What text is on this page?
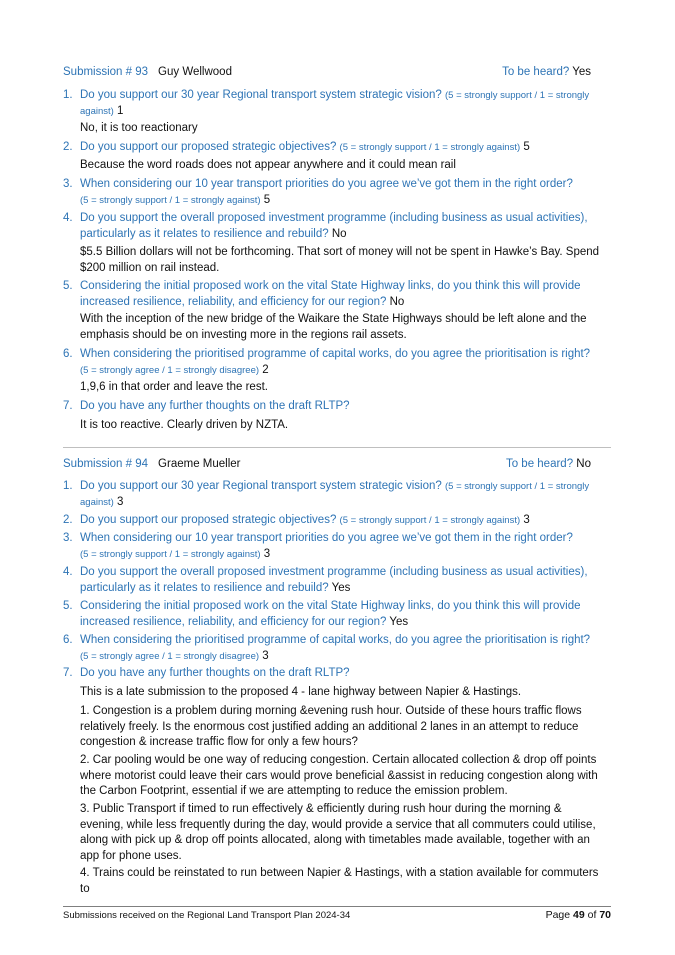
Submission # 93 Guy Wellwood	To be heard? Yes
1. Do you support our 30 year Regional transport system strategic vision? (5 = strongly support / 1 = strongly against) 1
No, it is too reactionary
2. Do you support our proposed strategic objectives? (5 = strongly support / 1 = strongly against) 5
Because the word roads does not appear anywhere and it could mean rail
3. When considering our 10 year transport priorities do you agree we’ve got them in the right order?
(5 = strongly support / 1 = strongly against) 5
4. Do you support the overall proposed investment programme (including business as usual activities), particularly as it relates to resilience and rebuild? No
$5.5 Billion dollars will not be forthcoming. That sort of money will not be spent in Hawke’s Bay. Spend $200 million on rail instead.
5. Considering the initial proposed work on the vital State Highway links, do you think this will provide increased resilience, reliability, and efficiency for our region? No
With the inception of the new bridge of the Waikare the State Highways should be left alone and the emphasis should be on investing more in the regions rail assets.
6. When considering the prioritised programme of capital works, do you agree the prioritisation is right?
(5 = strongly agree / 1 = strongly disagree) 2
1,9,6 in that order and leave the rest.
7. Do you have any further thoughts on the draft RLTP?
It is too reactive. Clearly driven by NZTA.
Submission # 94 Graeme Mueller	To be heard? No
1. Do you support our 30 year Regional transport system strategic vision? (5 = strongly support / 1 = strongly against) 3
2. Do you support our proposed strategic objectives? (5 = strongly support / 1 = strongly against) 3
3. When considering our 10 year transport priorities do you agree we’ve got them in the right order?
(5 = strongly support / 1 = strongly against) 3
4. Do you support the overall proposed investment programme (including business as usual activities), particularly as it relates to resilience and rebuild? Yes
5. Considering the initial proposed work on the vital State Highway links, do you think this will provide increased resilience, reliability, and efficiency for our region? Yes
6. When considering the prioritised programme of capital works, do you agree the prioritisation is right?
(5 = strongly agree / 1 = strongly disagree) 3
7. Do you have any further thoughts on the draft RLTP?
This is a late submission to the proposed 4 - lane highway between Napier & Hastings.
1. Congestion is a problem during morning &evening rush hour. Outside of these hours traffic flows relatively freely. Is the enormous cost justified adding an additional 2 lanes in an attempt to reduce congestion & increase traffic flow for only a few hours?
2. Car pooling would be one way of reducing congestion. Certain allocated collection & drop off points where motorist could leave their cars would prove beneficial &assist in reducing congestion along with the Carbon Footprint, essential if we are attempting to reduce the emission problem.
3. Public Transport if timed to run effectively & efficiently during rush hour during the morning & evening, while less frequently during the day, would provide a service that all commuters could utilise, along with pick up & drop off points allocated, along with timetables made available, together with an app for phone uses.
4. Trains could be reinstated to run between Napier & Hastings, with a station available for commuters to
Submissions received on the Regional Land Transport Plan 2024-34	Page 49 of 70
